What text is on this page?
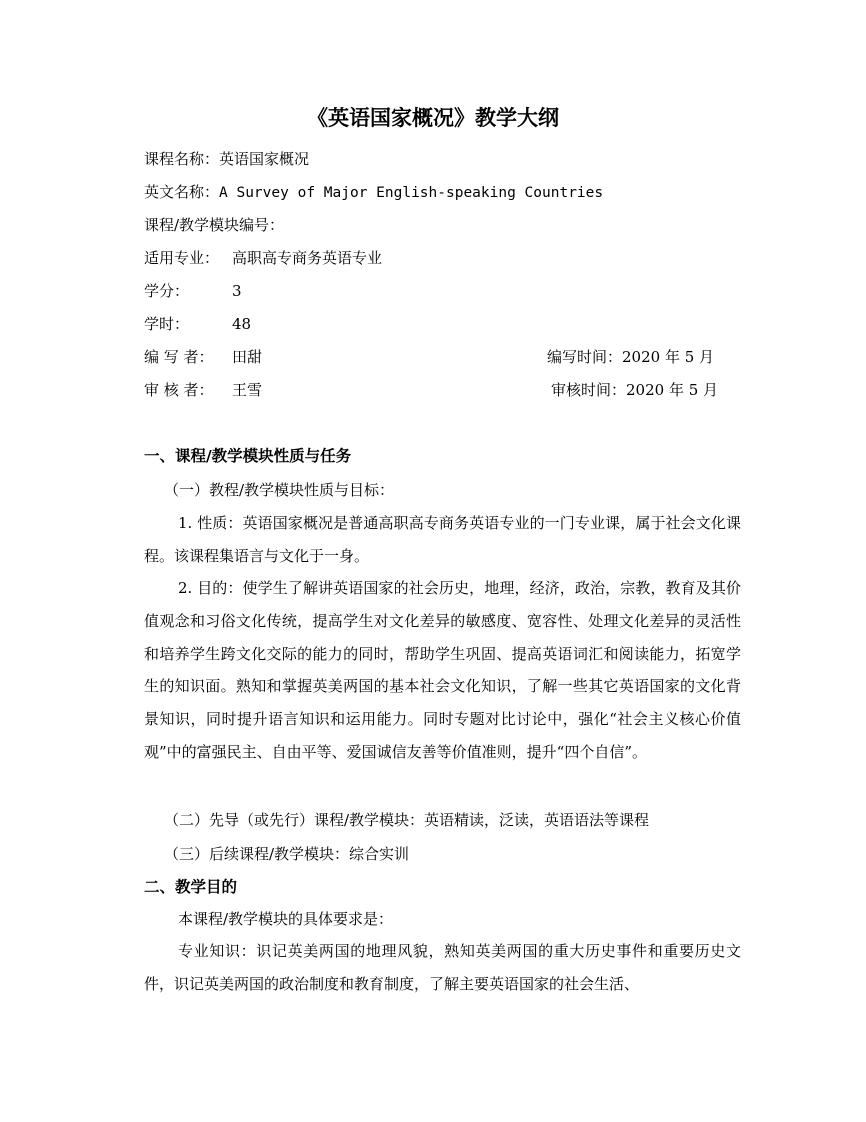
《英语国家概况》教学大纲
课程名称：英语国家概况
英文名称：A Survey of Major English-speaking Countries
课程/教学模块编号：
适用专业： 高职高专商务英语专业
学分：	3
学时：	48
编 写 者： 田甜	编写时间：2020 年 5 月
审 核 者： 王雪	审核时间：2020 年 5 月
一、课程/教学模块性质与任务
（一）教程/教学模块性质与目标：

1. 性质：英语国家概况是普通高职高专商务英语专业的一门专业课，属于社会文化课程。该课程集语言与文化于一身。

2. 目的：使学生了解讲英语国家的社会历史，地理，经济，政治，宗教，教育及其价值观念和习俗文化传统，提高学生对文化差异的敏感度、宽容性、处理文化差异的灵活性和培养学生跨文化交际的能力的同时，帮助学生巩固、提高英语词汇和阅读能力，拓宽学生的知识面。熟知和掌握英美两国的基本社会文化知识，了解一些其它英语国家的文化背景知识，同时提升语言知识和运用能力。同时专题对比讨论中，强化“社会主义核心价值观”中的富强民主、自由平等、爱国诚信友善等价值准则，提升“四个自信”。

（二）先导（或先行）课程/教学模块：英语精读，泛读，英语语法等课程
（三）后续课程/教学模块：综合实训
二、教学目的
本课程/教学模块的具体要求是：

专业知识：识记英美两国的地理风貌，熟知英美两国的重大历史事件和重要历史文件，识记英美两国的政治制度和教育制度，了解主要英语国家的社会生活、
